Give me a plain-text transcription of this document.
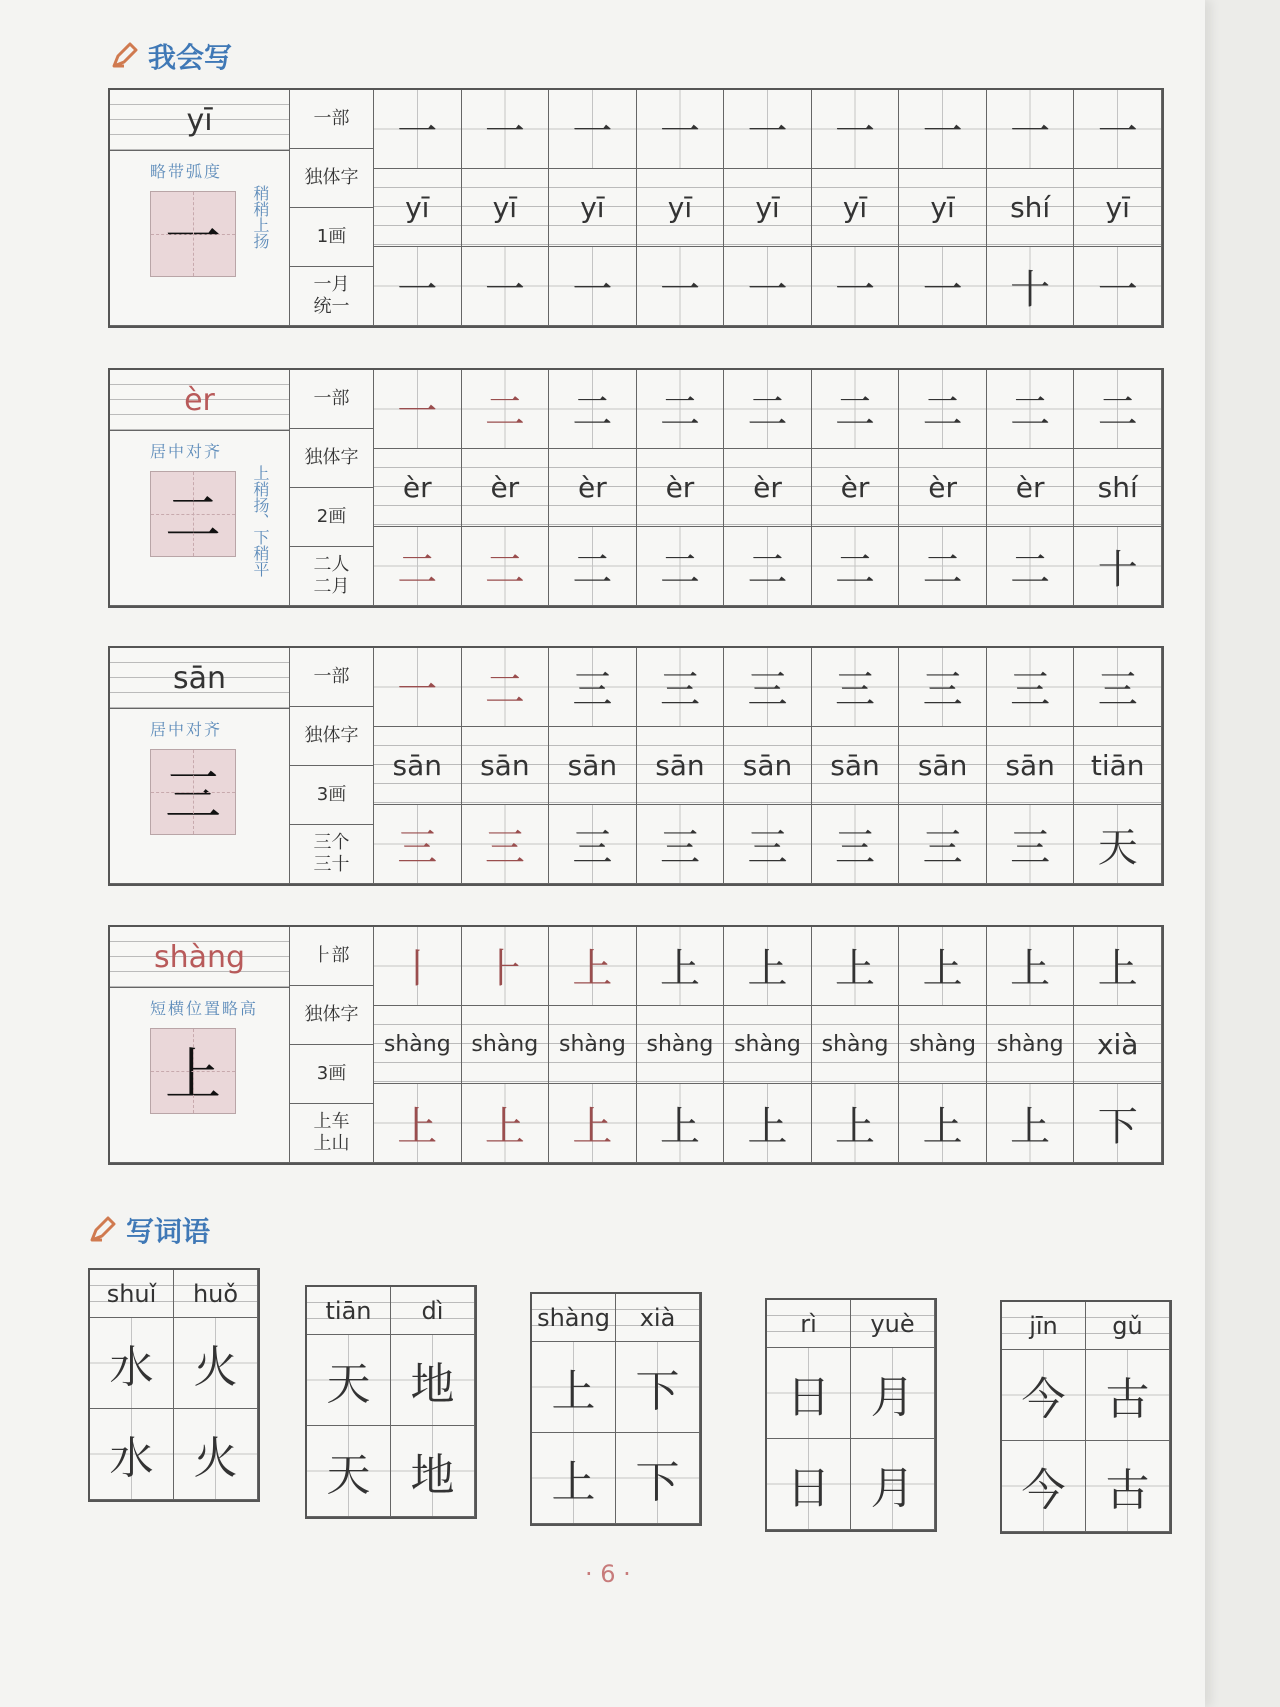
我会写
yī
略带弧度
稍稍上扬
一
一部
独体字
1画
一月
统一
一 一 一 一 一 一 一 一 一
yī	yī	yī	yī	yī	yī	yī	shí	yī
一 一 一 一 一 一 一 十 一
èr
居中对齐
上稍扬、下稍平
二
一部
独体字
2画
二人
二月
一 二 二 二 二 二 二 二 二
èr	èr	èr	èr	èr	èr	èr	èr	shí
二 二 二 二 二 二 二 二 十
sān
居中对齐
三
一部
独体字
3画
三个
三十
一 二 三 三 三 三 三 三 三
sān	sān	sān	sān	sān	sān	sān	sān	tiān
三 三 三 三 三 三 三 三 天
shàng
短横位置略高
上
⺊部
独体字
3画
上车
上山
丨 ⺊ 上 上 上 上 上 上 上
shàng shàng shàng shàng shàng shàng shàng shàng	xià
上 上 上 上 上 上 上 上 下
写词语
shuǐ	huǒ
水 火
水 火
tiān	dì
天 地
天 地
shàng	xià
上 下
上 下
rì	yuè
日 月
日 月
jīn	gǔ
今 古
今 古
· 6 ·
